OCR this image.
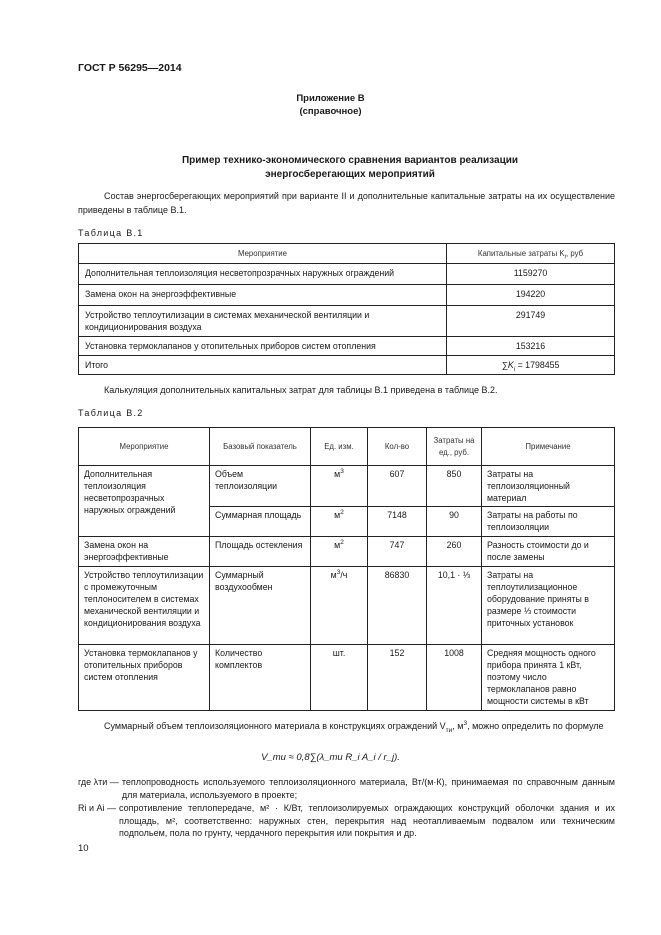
ГОСТ Р 56295—2014
Приложение В
(справочное)
Пример технико-экономического сравнения вариантов реализации
энергосберегающих мероприятий
Состав энергосберегающих мероприятий при варианте II и дополнительные капитальные затраты на их осуществление приведены в таблице В.1.
Таблица В.1
Мероприятие	Капитальные затраты $K_i$, руб
Дополнительная теплоизоляция несветопрозрачных наружных ограждений	1159270
Замена окон на энергоэффективные	194220
Устройство теплоутилизации в системах механической вентиляции и кондиционирования воздуха	291749
Установка термоклапанов у отопительных приборов систем отопления	153216
Итого	$\sum K_i = 1798455$
Калькуляция дополнительных капитальных затрат для таблицы В.1 приведена в таблице В.2.
Таблица В.2
Мероприятие	Базовый показатель	Ед. изм.	Кол-во	Затраты на ед., руб.	Примечание
Дополнительная теплоизоляция несветопрозрачных наружных ограждений	Объем теплоизоляции	$м^3$	607	850	Затраты на теплоизоляционный материал
	Суммарная площадь	$м^2$	7148	90	Затраты на работы по теплоизоляции
Замена окон на энергоэффективные	Площадь остекления	$м^2$	747	260	Разность стоимости до и после замены
Устройство теплоутилизации с промежуточным теплоносителем в системах механической вентиляции и кондиционирования воздуха	Суммарный воздухообмен	$м^3/ч$	86830	10,1 · ⅓	Затраты на теплоутилизационное оборудование приняты в размере ⅓ стоимости приточных установок
Установка термоклапанов у отопительных приборов систем отопления	Количество комплектов	шт.	152	1008	Средняя мощность одного прибора принята 1 кВт, поэтому число термоклапанов равно мощности системы в кВт
Суммарный объем теплоизоляционного материала в конструкциях ограждений $V_{ти}$, $м^3$, можно определить по формуле
V_ти ≈ 0,8∑(λ_ти R_i A_i / r_j).
где λти — теплопроводность используемого теплоизоляционного материала, Вт/(м·К), принимаемая по справочным данным для материала, используемого в проекте;
Ri и Ai — сопротивление теплопередаче, м² · К/Вт, теплоизолируемых ограждающих конструкций оболочки здания и их площадь, м², соответственно: наружных стен, перекрытия над неотапливаемым подвалом или техническим подпольем, пола по грунту, чердачного перекрытия или покрытия и др.
10
